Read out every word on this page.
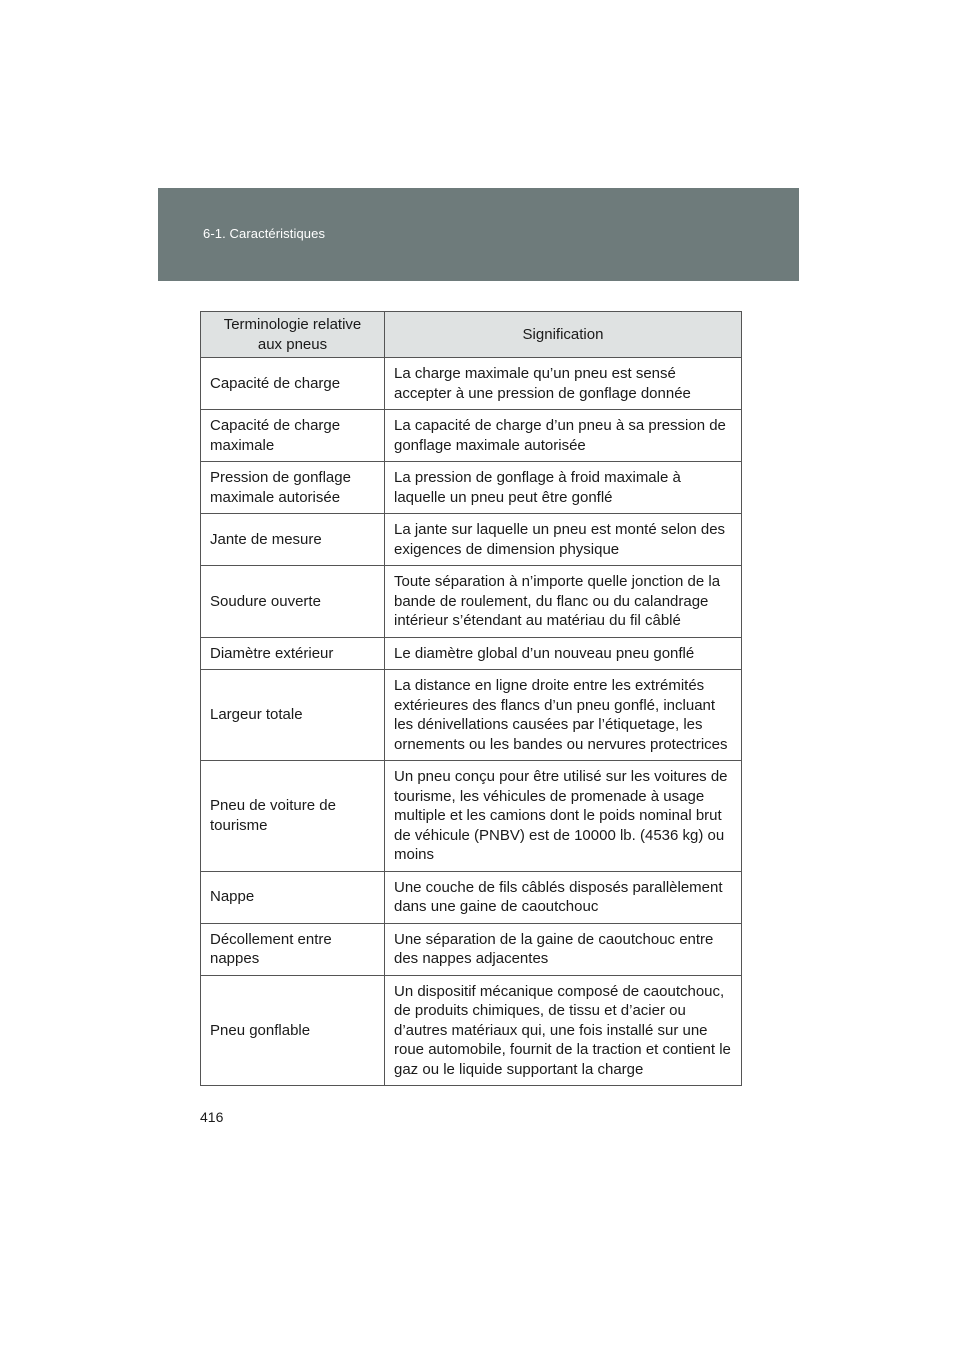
6-1. Caractéristiques
Terminologie relative aux pneus	Signification
Capacité de charge	La charge maximale qu’un pneu est sensé accepter à une pression de gonflage donnée
Capacité de charge maximale	La capacité de charge d’un pneu à sa pression de gonflage maximale autorisée
Pression de gonflage maximale autorisée	La pression de gonflage à froid maximale à laquelle un pneu peut être gonflé
Jante de mesure	La jante sur laquelle un pneu est monté selon des exigences de dimension physique
Soudure ouverte	Toute séparation à n’importe quelle jonction de la bande de roulement, du flanc ou du calandrage intérieur s’étendant au matériau du fil câblé
Diamètre extérieur	Le diamètre global d’un nouveau pneu gonflé
Largeur totale	La distance en ligne droite entre les extrémités extérieures des flancs d’un pneu gonflé, incluant les dénivellations causées par l’étiquetage, les ornements ou les bandes ou nervures protectrices
Pneu de voiture de tourisme	Un pneu conçu pour être utilisé sur les voitures de tourisme, les véhicules de promenade à usage multiple et les camions dont le poids nominal brut de véhicule (PNBV) est de 10000 lb. (4536 kg) ou moins
Nappe	Une couche de fils câblés disposés parallèlement dans une gaine de caoutchouc
Décollement entre nappes	Une séparation de la gaine de caoutchouc entre des nappes adjacentes
Pneu gonflable	Un dispositif mécanique composé de caoutchouc, de produits chimiques, de tissu et d’acier ou d’autres matériaux qui, une fois installé sur une roue automobile, fournit de la traction et contient le gaz ou le liquide supportant la charge
416
